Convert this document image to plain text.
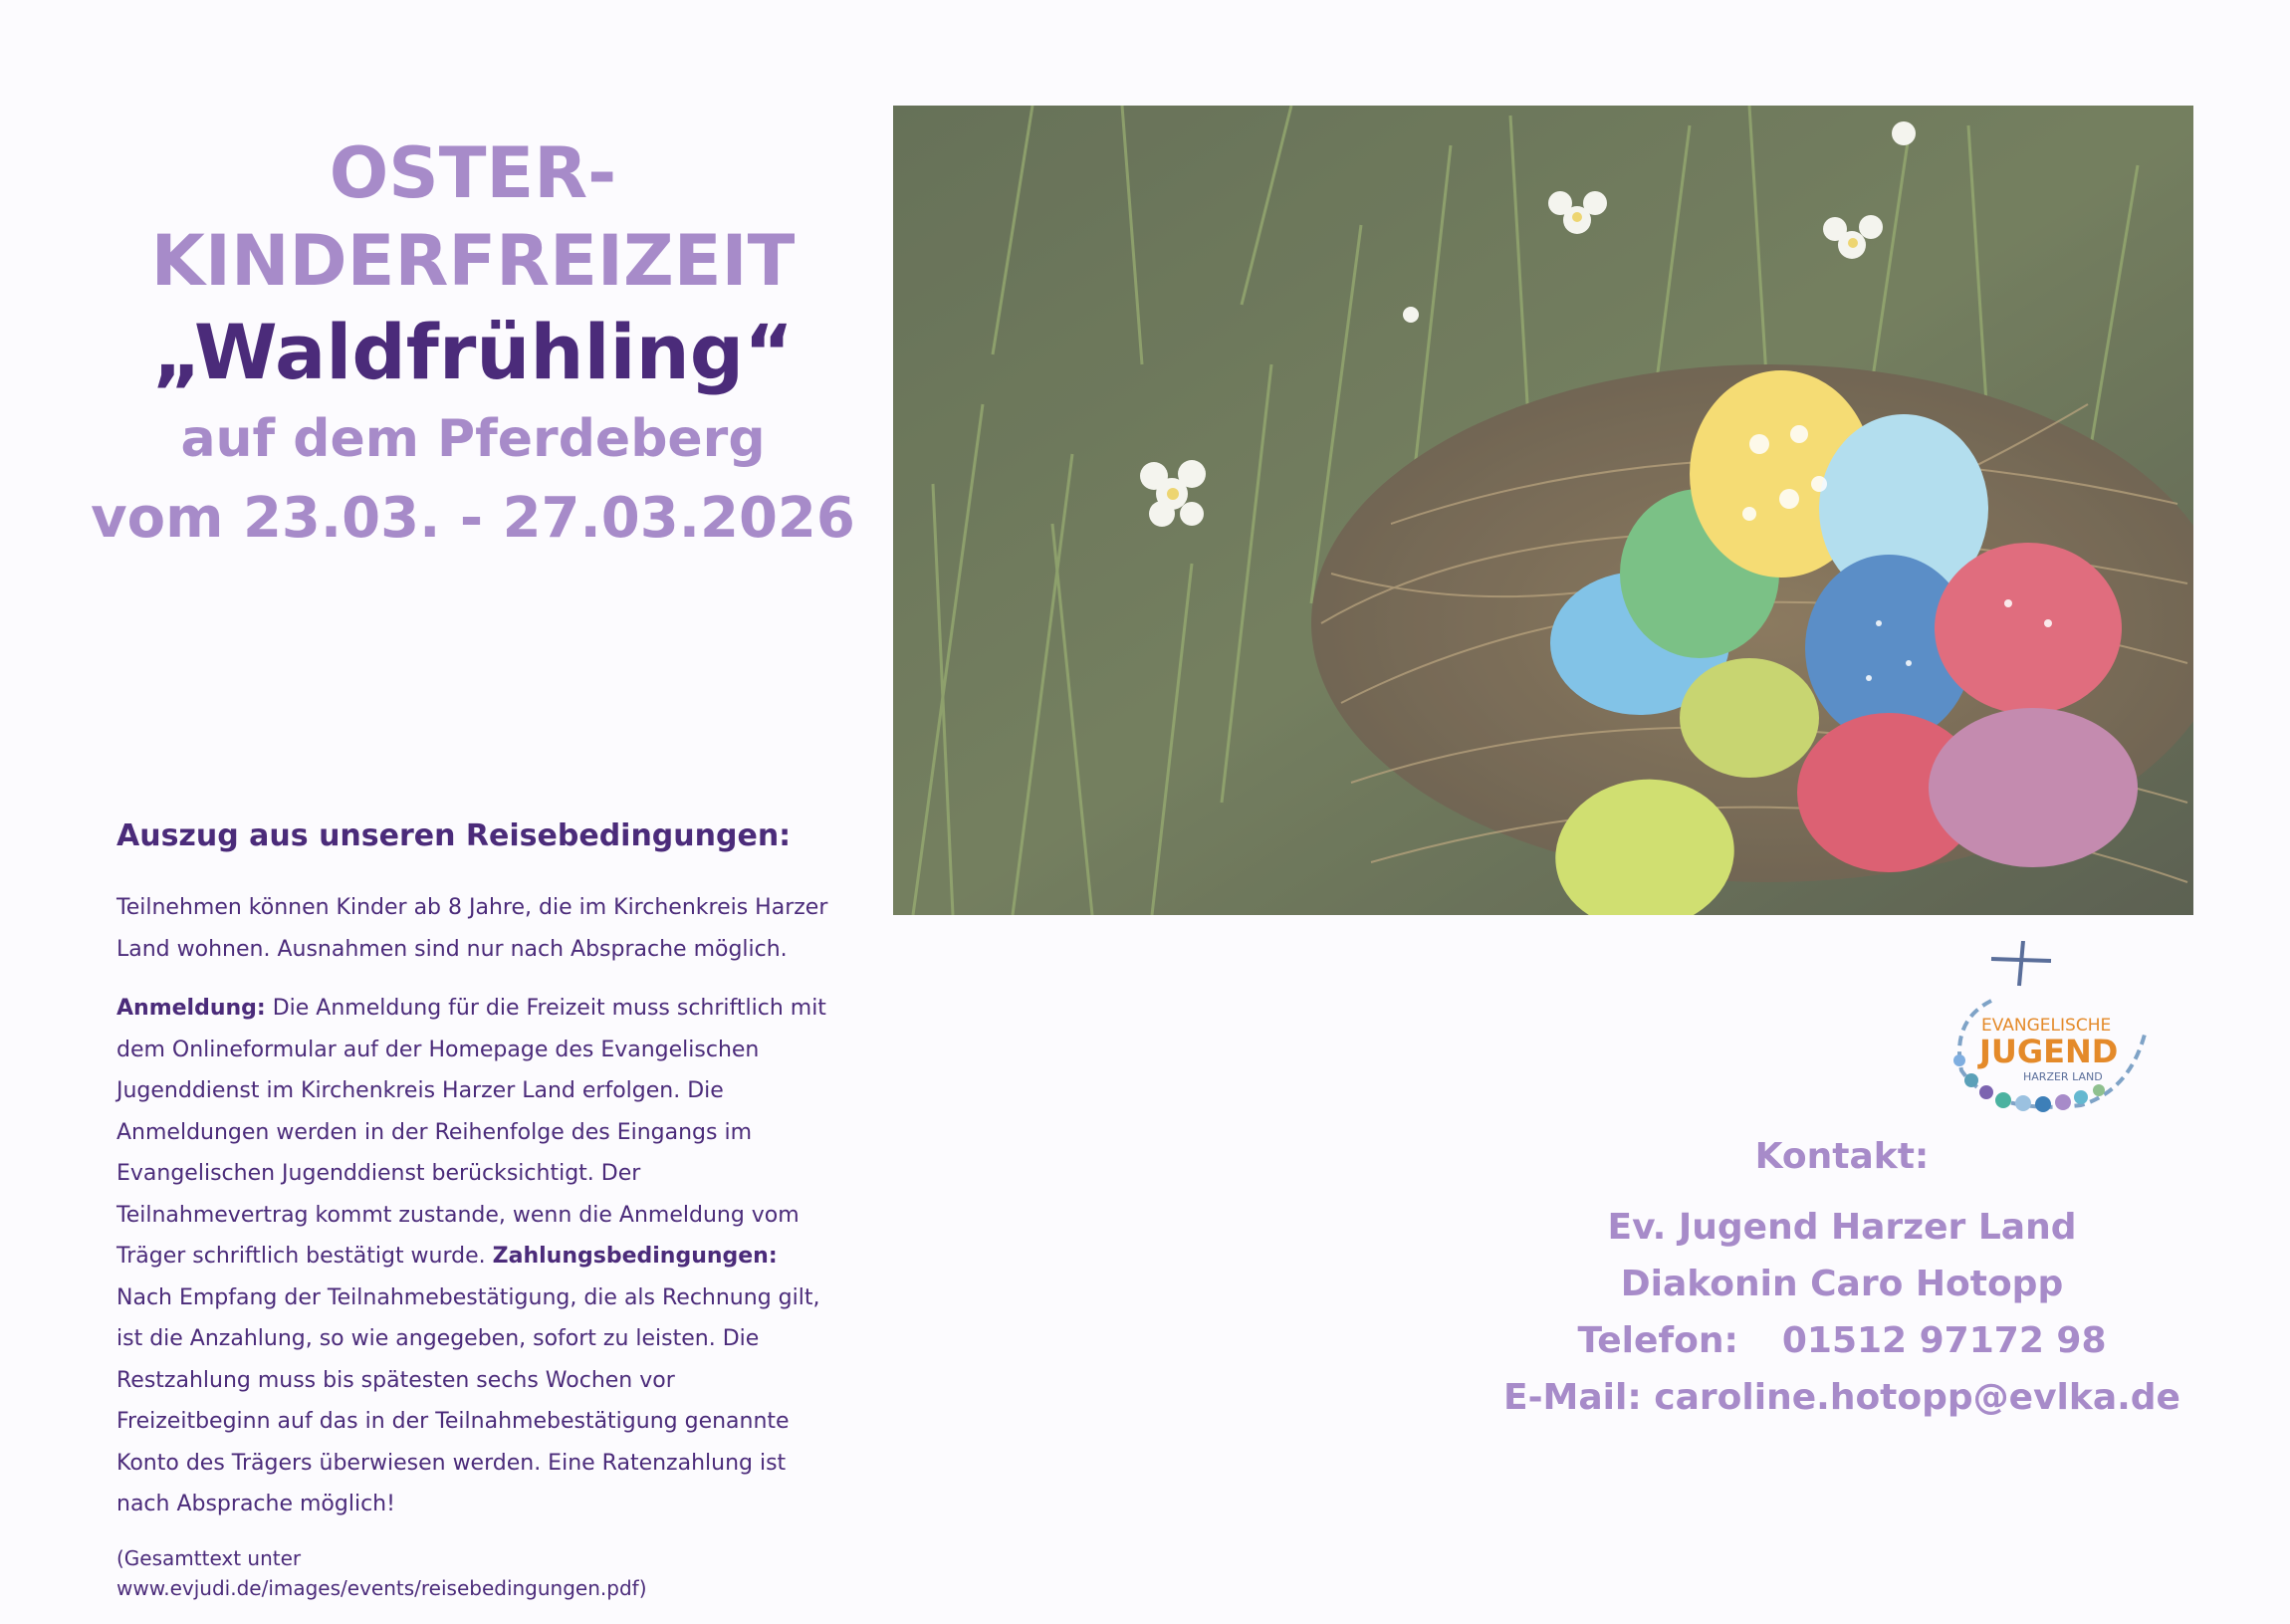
OSTER-
KINDERFREIZEIT
„Waldfrühling“
auf dem Pferdeberg
vom 23.03. - 27.03.2026
Auszug aus unseren Reisebedingungen:

Teilnehmen können Kinder ab 8 Jahre, die im Kirchenkreis Harzer Land wohnen. Ausnahmen sind nur nach Absprache möglich.

Anmeldung: Die Anmeldung für die Freizeit muss schriftlich mit dem Onlineformular auf der Homepage des Evangelischen Jugenddienst im Kirchenkreis Harzer Land erfolgen. Die Anmeldungen werden in der Reihenfolge des Eingangs im Evangelischen Jugenddienst berücksichtigt. Der Teilnahmevertrag kommt zustande, wenn die Anmeldung vom Träger schriftlich bestätigt wurde. Zahlungsbedingungen: Nach Empfang der Teilnahmebestätigung, die als Rechnung gilt, ist die Anzahlung, so wie angegeben, sofort zu leisten. Die Restzahlung muss bis spätesten sechs Wochen vor Freizeitbeginn auf das in der Teilnahmebestätigung genannte Konto des Trägers überwiesen werden. Eine Ratenzahlung ist nach Absprache möglich!

(Gesamttext unter www.evjudi.de/images/events/reisebedingungen.pdf)
EVANGELISCHE
JUGEND
HARZER LAND
Kontakt:
Ev. Jugend Harzer Land
Diakonin Caro Hotopp
Telefon: 01512 97172 98
E-Mail: caroline.hotopp@evlka.de
